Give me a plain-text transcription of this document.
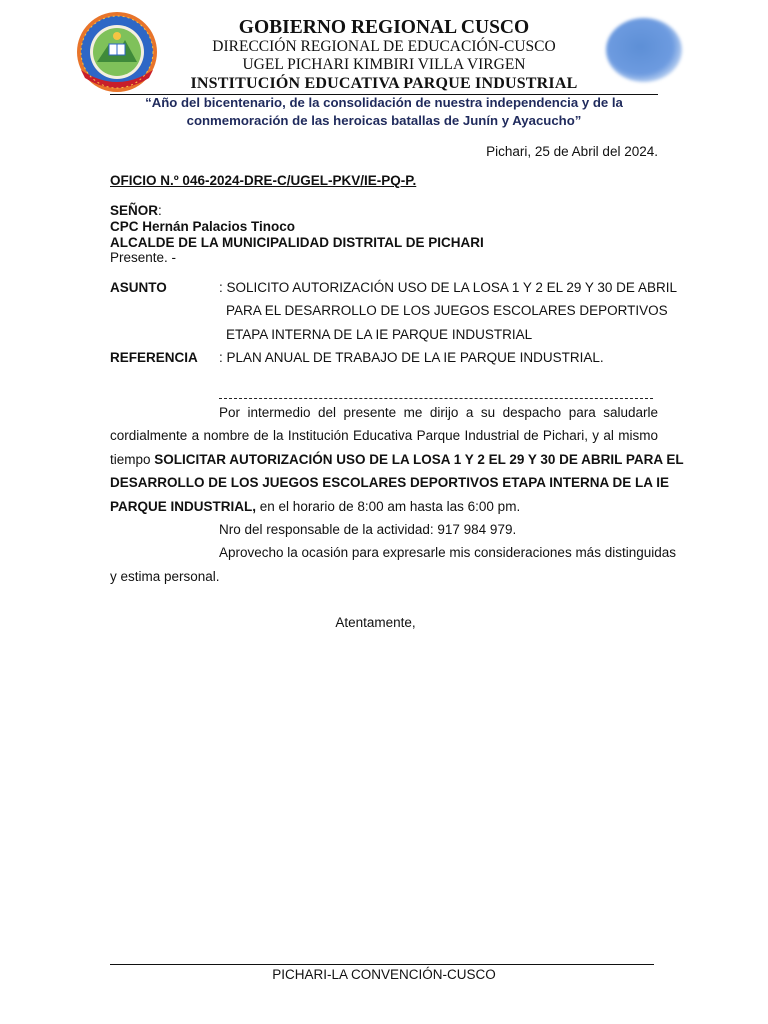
GOBIERNO REGIONAL CUSCO
DIRECCIÓN REGIONAL DE EDUCACIÓN-CUSCO
UGEL PICHARI KIMBIRI VILLA VIRGEN
INSTITUCIÓN EDUCATIVA PARQUE INDUSTRIAL
“Año del bicentenario, de la consolidación de nuestra independencia y de la
conmemoración de las heroicas batallas de Junín y Ayacucho”
Pichari, 25 de Abril del 2024.
OFICIO N.º 046-2024-DRE-C/UGEL-PKV/IE-PQ-P.
SEÑOR:
CPC Hernán Palacios Tinoco
ALCALDE DE LA MUNICIPALIDAD DISTRITAL DE PICHARI
Presente. -
ASUNTO	: SOLICITO AUTORIZACIÓN USO DE LA LOSA 1 Y 2 EL 29 Y 30 DE ABRIL
PARA EL DESARROLLO DE LOS JUEGOS ESCOLARES DEPORTIVOS
ETAPA INTERNA DE LA IE PARQUE INDUSTRIAL
REFERENCIA : PLAN ANUAL DE TRABAJO DE LA IE PARQUE INDUSTRIAL.
Por intermedio del presente me dirijo a su despacho para saludarle
cordialmente a nombre de la Institución Educativa Parque Industrial de Pichari, y al mismo
tiempo SOLICITAR AUTORIZACIÓN USO DE LA LOSA 1 Y 2 EL 29 Y 30 DE ABRIL PARA EL
DESARROLLO DE LOS JUEGOS ESCOLARES DEPORTIVOS ETAPA INTERNA DE LA IE
PARQUE INDUSTRIAL, en el horario de 8:00 am hasta las 6:00 pm.
Nro del responsable de la actividad: 917 984 979.
Aprovecho la ocasión para expresarle mis consideraciones más distinguidas
y estima personal.
Atentamente,
PICHARI-LA CONVENCIÓN-CUSCO
